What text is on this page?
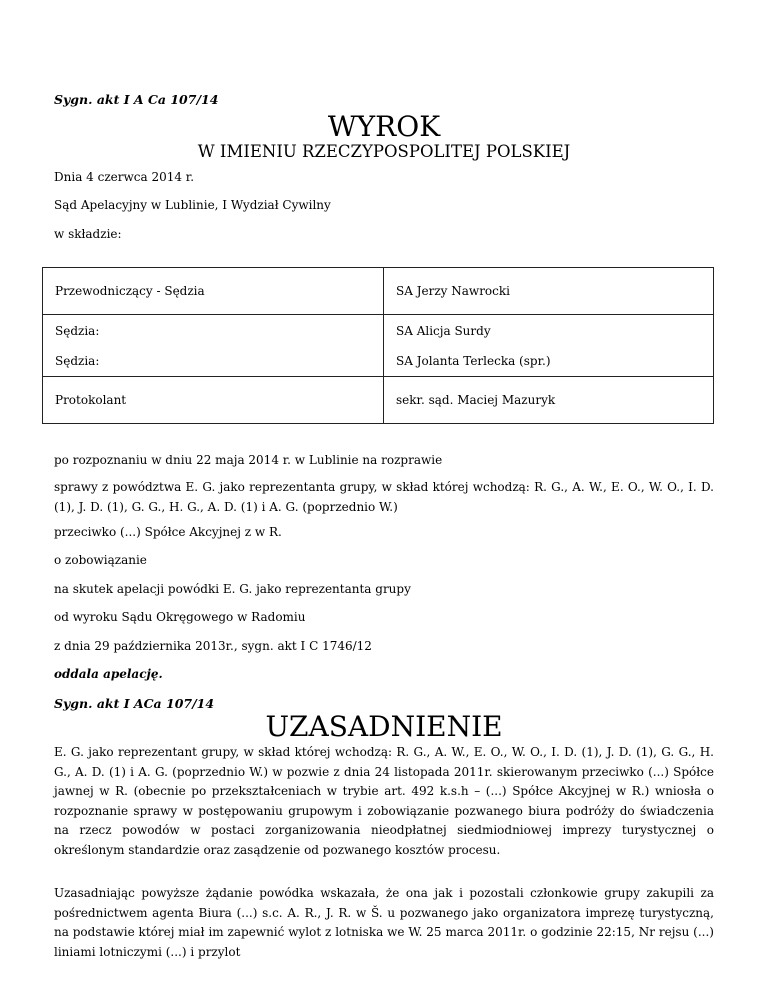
Sygn. akt I A Ca 107/14
WYROK
W IMIENIU RZECZYPOSPOLITEJ POLSKIEJ
Dnia 4 czerwca 2014 r.
Sąd Apelacyjny w Lublinie, I Wydział Cywilny
w składzie:
Przewodniczący - Sędzia	SA Jerzy Nawrocki
Sędzia:	SA Alicja Surdy
Sędzia:	SA Jolanta Terlecka (spr.)
Protokolant	sekr. sąd. Maciej Mazuryk
po rozpoznaniu w dniu 22 maja 2014 r. w Lublinie na rozprawie
sprawy z powództwa E. G. jako reprezentanta grupy, w skład której wchodzą: R. G., A. W., E. O., W. O., I. D. (1), J. D. (1), G. G., H. G., A. D. (1) i A. G. (poprzednio W.)
przeciwko (...) Spółce Akcyjnej z w R.
o zobowiązanie
na skutek apelacji powódki E. G. jako reprezentanta grupy
od wyroku Sądu Okręgowego w Radomiu
z dnia 29 października 2013r., sygn. akt I C 1746/12
oddala apelację.
Sygn. akt I ACa 107/14
UZASADNIENIE
E. G. jako reprezentant grupy, w skład której wchodzą: R. G., A. W., E. O., W. O., I. D. (1), J. D. (1), G. G., H. G., A. D. (1) i A. G. (poprzednio W.) w pozwie z dnia 24 listopada 2011r. skierowanym przeciwko (...) Spółce jawnej w R. (obecnie po przekształceniach w trybie art. 492 k.s.h – (...) Spółce Akcyjnej w R.) wniosła o rozpoznanie sprawy w postępowaniu grupowym i zobowiązanie pozwanego biura podróży do świadczenia na rzecz powodów w postaci zorganizowania nieodpłatnej siedmiodniowej imprezy turystycznej o określonym standardzie oraz zasądzenie od pozwanego kosztów procesu.
Uzasadniając powyższe żądanie powódka wskazała, że ona jak i pozostali członkowie grupy zakupili za pośrednictwem agenta Biura (...) s.c. A. R., J. R. w Š. u pozwanego jako organizatora imprezę turystyczną, na podstawie której miał im zapewnić wylot z lotniska we W. 25 marca 2011r. o godzinie 22:15, Nr rejsu (...) liniami lotniczymi (...) i przylot
